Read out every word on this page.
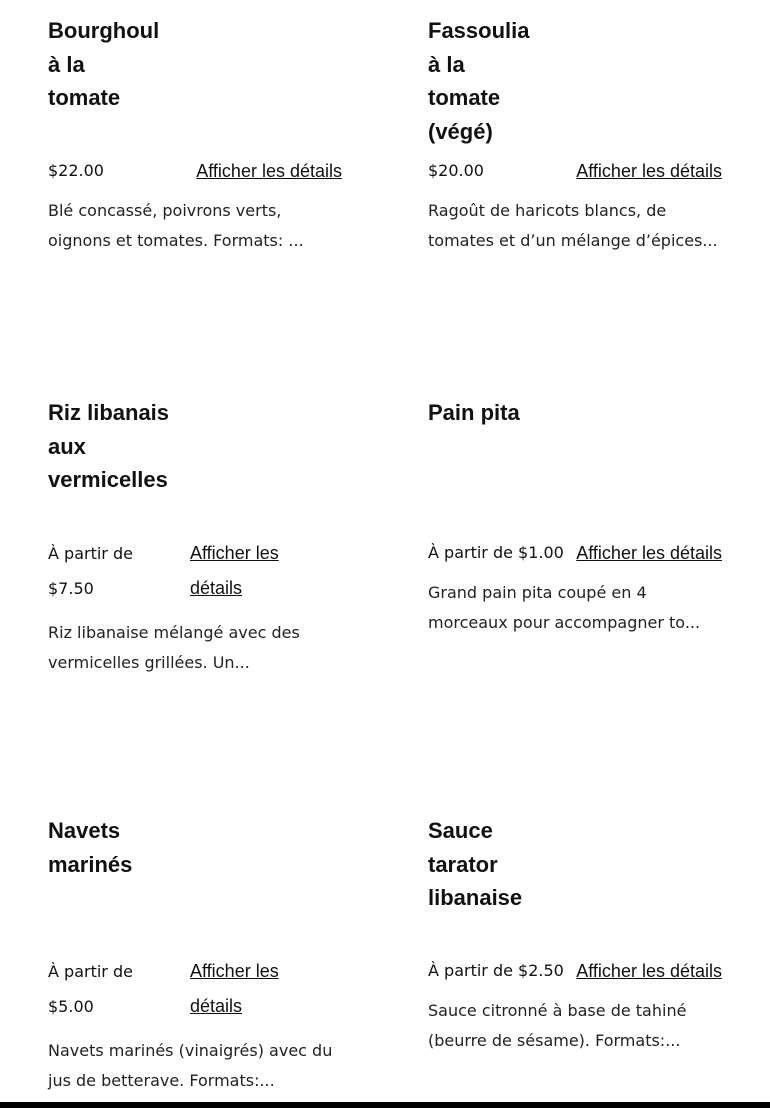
Bourghoul à la tomate
$22.00	Afficher les détails
Blé concassé, poivrons verts, oignons et tomates. Formats: ...
Fassoulia à la tomate (végé)
$20.00	Afficher les détails
Ragoût de haricots blancs, de tomates et d’un mélange d’épices...
Riz libanais aux vermicelles
À partir de $7.50
Afficher les détails
Riz libanaise mélangé avec des vermicelles grillées. Un...
Pain pita
À partir de $1.00 Afficher les détails
Grand pain pita coupé en 4 morceaux pour accompagner to...
Navets marinés
À partir de $5.00
Afficher les détails
Navets marinés (vinaigrés) avec du jus de betterave. Formats:...
Sauce tarator libanaise
À partir de $2.50 Afficher les détails
Sauce citronné à base de tahiné (beurre de sésame). Formats:...
